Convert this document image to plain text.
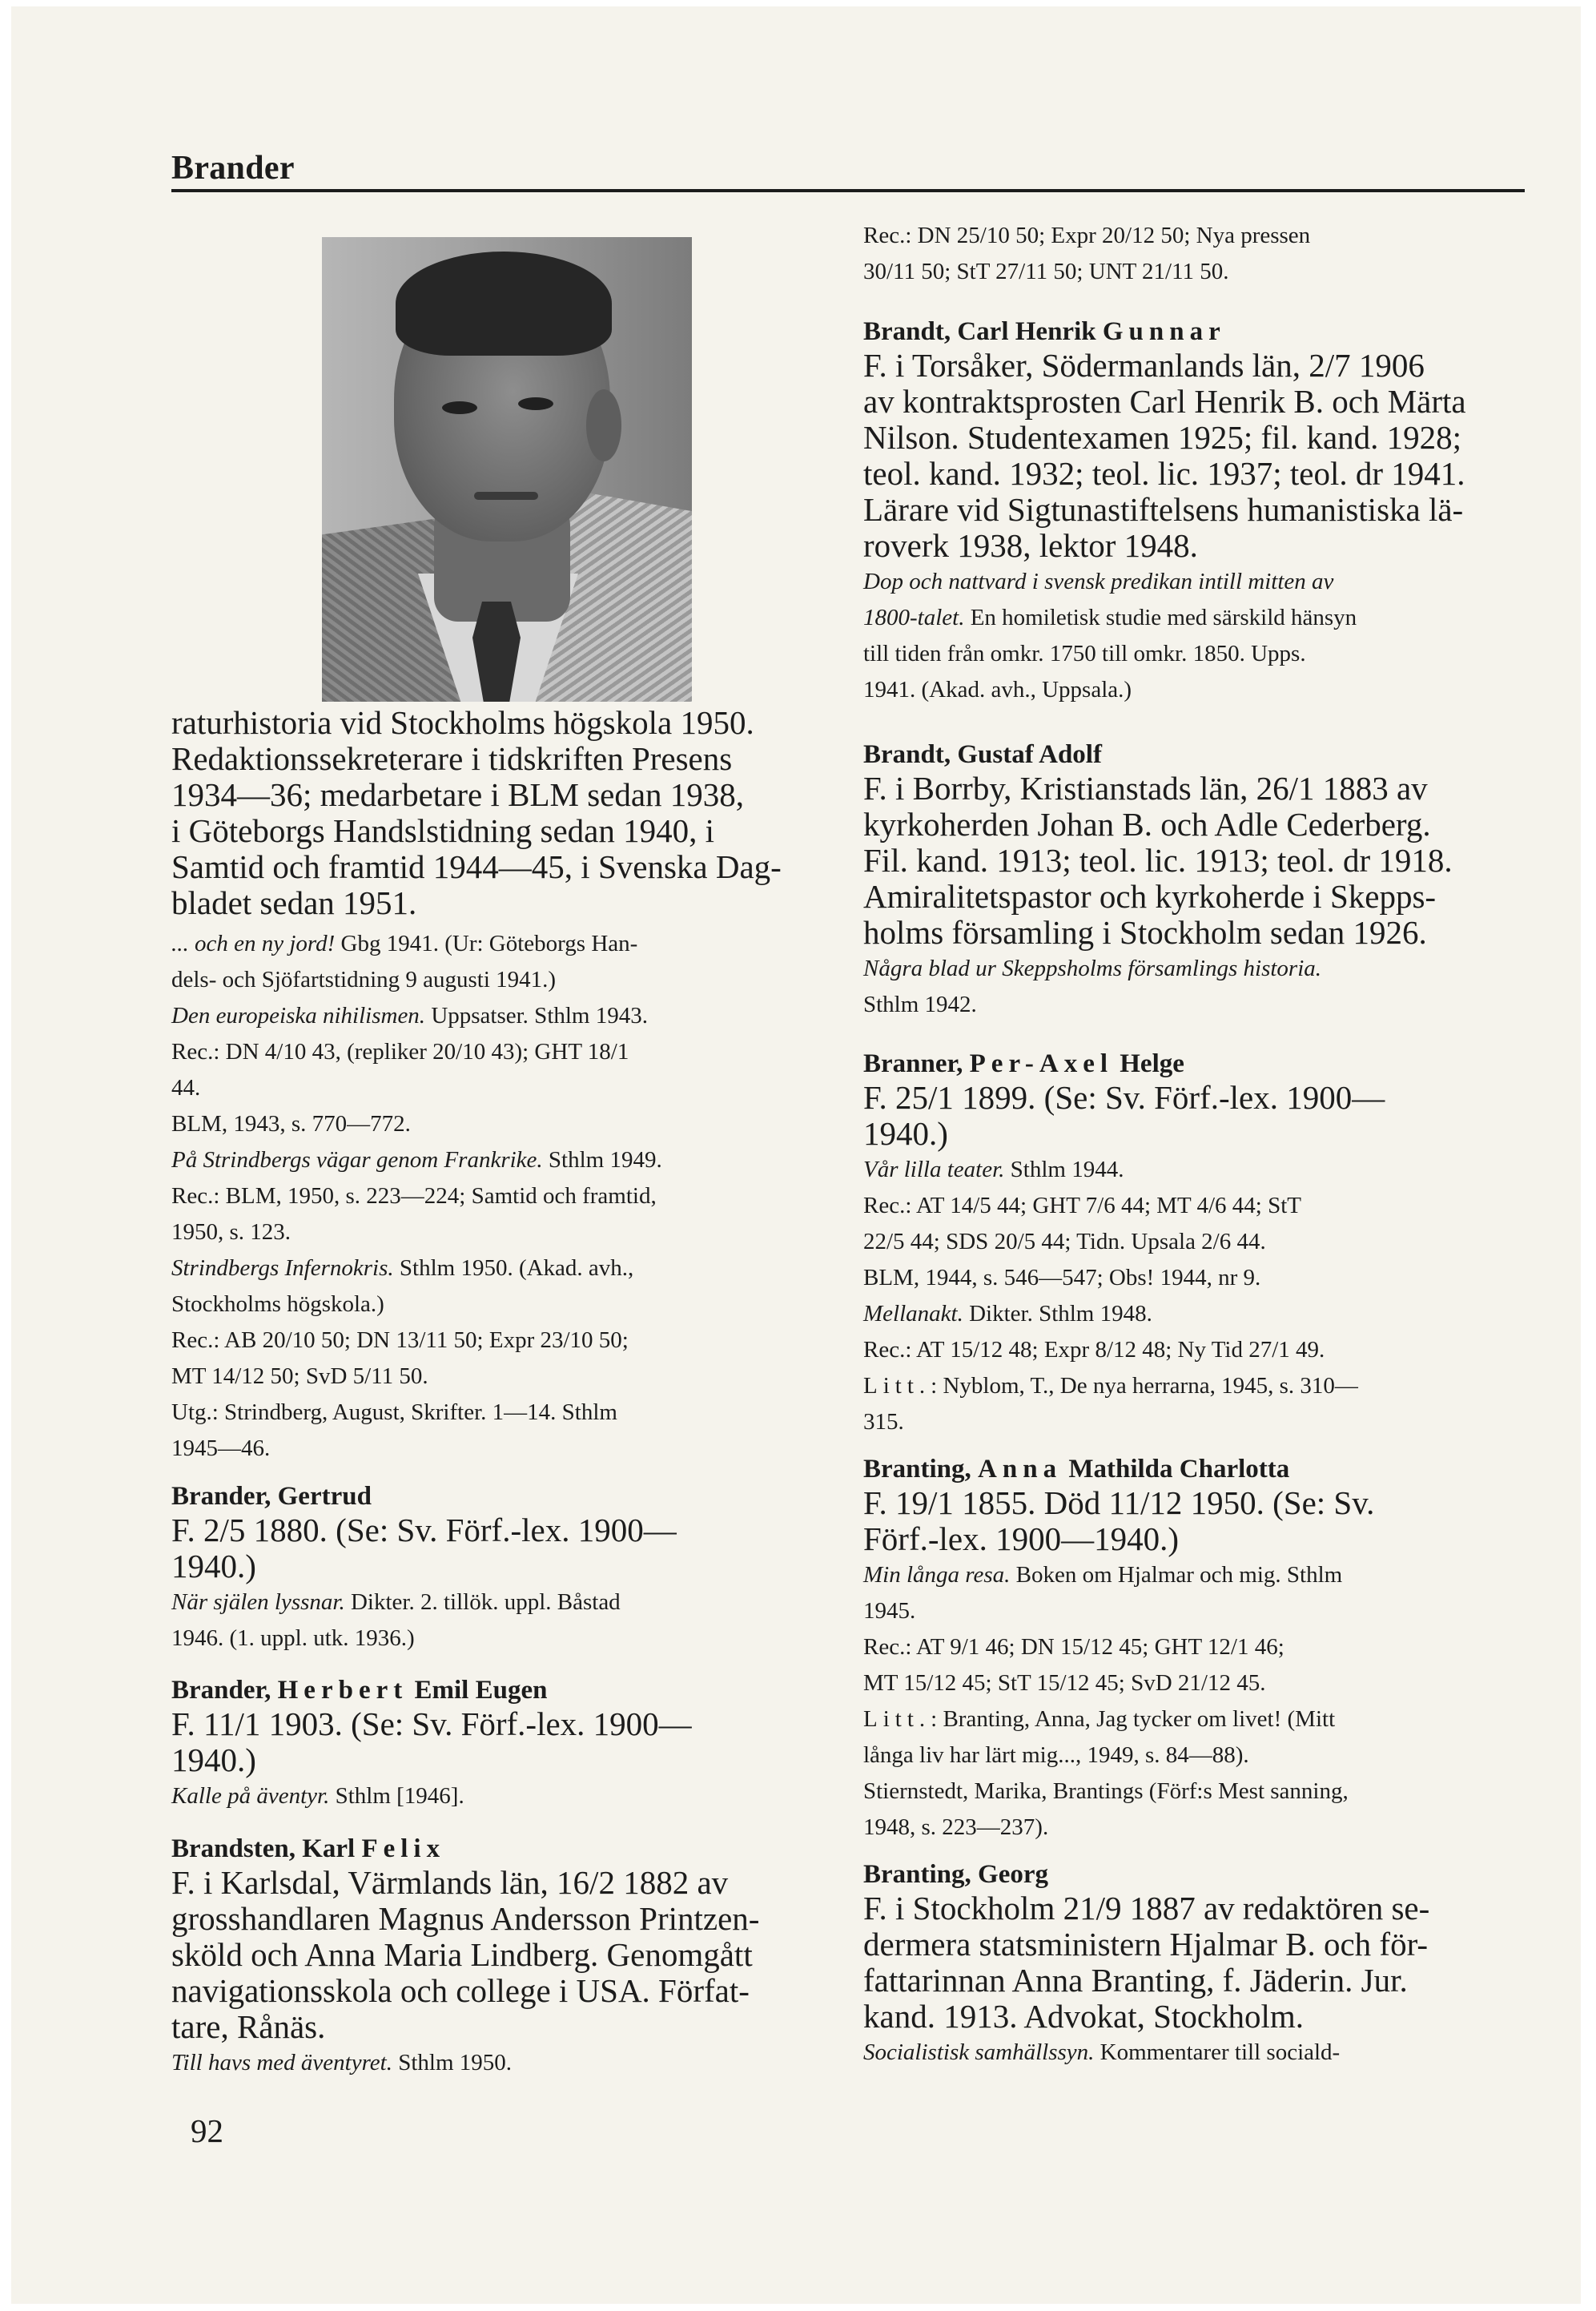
Brander

raturhistoria vid Stockholms högskola 1950.

Redaktionssekreterare i tidskriften Presens

1934—36; medarbetare i BLM sedan 1938,

i Göteborgs Handslstidning sedan 1940, i

Samtid och framtid 1944—45, i Svenska Dag-

bladet sedan 1951.

... och en ny jord! Gbg 1941. (Ur: Göteborgs Han-

dels- och Sjöfartstidning 9 augusti 1941.)

Den europeiska nihilismen. Uppsatser. Sthlm 1943.

Rec.: DN 4/10 43, (repliker 20/10 43); GHT 18/1

44.

BLM, 1943, s. 770—772.

På Strindbergs vägar genom Frankrike. Sthlm 1949.

Rec.: BLM, 1950, s. 223—224; Samtid och framtid,

1950, s. 123.

Strindbergs Infernokris. Sthlm 1950. (Akad. avh.,

Stockholms högskola.)

Rec.: AB 20/10 50; DN 13/11 50; Expr 23/10 50;

MT 14/12 50; SvD 5/11 50.

Utg.: Strindberg, August, Skrifter. 1—14. Sthlm

1945—46.

Brander, Gertrud

F. 2/5 1880. (Se: Sv. Förf.-lex. 1900—

1940.)

När själen lyssnar. Dikter. 2. tillök. uppl. Båstad

1946. (1. uppl. utk. 1936.)

Brander, Herbert Emil Eugen

F. 11/1 1903. (Se: Sv. Förf.-lex. 1900—

1940.)

Kalle på äventyr. Sthlm [1946].

Brandsten, Karl Felix

F. i Karlsdal, Värmlands län, 16/2 1882 av

grosshandlaren Magnus Andersson Printzen-

sköld och Anna Maria Lindberg. Genomgått

navigationsskola och college i USA. Förfat-

tare, Rånäs.

Till havs med äventyret. Sthlm 1950.

Rec.: DN 25/10 50; Expr 20/12 50; Nya pressen

30/11 50; StT 27/11 50; UNT 21/11 50.

Brandt, Carl Henrik Gunnar

F. i Torsåker, Södermanlands län, 2/7 1906

av kontraktsprosten Carl Henrik B. och Märta

Nilson. Studentexamen 1925; fil. kand. 1928;

teol. kand. 1932; teol. lic. 1937; teol. dr 1941.

Lärare vid Sigtunastiftelsens humanistiska lä-

roverk 1938, lektor 1948.

Dop och nattvard i svensk predikan intill mitten av

1800-talet. En homiletisk studie med särskild hänsyn

till tiden från omkr. 1750 till omkr. 1850. Upps.

1941. (Akad. avh., Uppsala.)

Brandt, Gustaf Adolf

F. i Borrby, Kristianstads län, 26/1 1883 av

kyrkoherden Johan B. och Adle Cederberg.

Fil. kand. 1913; teol. lic. 1913; teol. dr 1918.

Amiralitetspastor och kyrkoherde i Skepps-

holms församling i Stockholm sedan 1926.

Några blad ur Skeppsholms församlings historia.

Sthlm 1942.

Branner, Per-Axel Helge

F. 25/1 1899. (Se: Sv. Förf.-lex. 1900—

1940.)

Vår lilla teater. Sthlm 1944.

Rec.: AT 14/5 44; GHT 7/6 44; MT 4/6 44; StT

22/5 44; SDS 20/5 44; Tidn. Upsala 2/6 44.

BLM, 1944, s. 546—547; Obs! 1944, nr 9.

Mellanakt. Dikter. Sthlm 1948.

Rec.: AT 15/12 48; Expr 8/12 48; Ny Tid 27/1 49.

Litt.: Nyblom, T., De nya herrarna, 1945, s. 310—

315.

Branting, Anna Mathilda Charlotta

F. 19/1 1855. Död 11/12 1950. (Se: Sv.

Förf.-lex. 1900—1940.)

Min långa resa. Boken om Hjalmar och mig. Sthlm

1945.

Rec.: AT 9/1 46; DN 15/12 45; GHT 12/1 46;

MT 15/12 45; StT 15/12 45; SvD 21/12 45.

Litt.: Branting, Anna, Jag tycker om livet! (Mitt

långa liv har lärt mig..., 1949, s. 84—88).

Stiernstedt, Marika, Brantings (Förf:s Mest sanning,

1948, s. 223—237).

Branting, Georg

F. i Stockholm 21/9 1887 av redaktören se-

dermera statsministern Hjalmar B. och för-

fattarinnan Anna Branting, f. Jäderin. Jur.

kand. 1913. Advokat, Stockholm.

Socialistisk samhällssyn. Kommentarer till sociald-

92
